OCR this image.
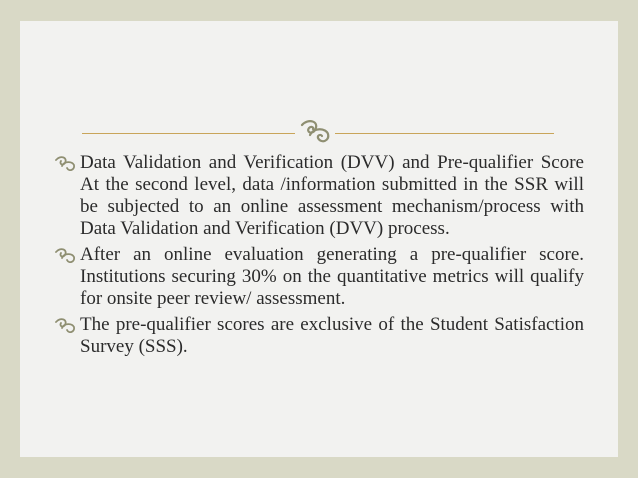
Data Validation and Verification (DVV) and Pre-qualifier Score At the second level, data /information submitted in the SSR will be subjected to an online assessment mechanism/process with Data Validation and Verification (DVV) process.

After an online evaluation generating a pre-qualifier score. Institutions securing 30% on the quantitative metrics will qualify for onsite peer review/ assessment.

The pre-qualifier scores are exclusive of the Student Satisfaction Survey (SSS).
